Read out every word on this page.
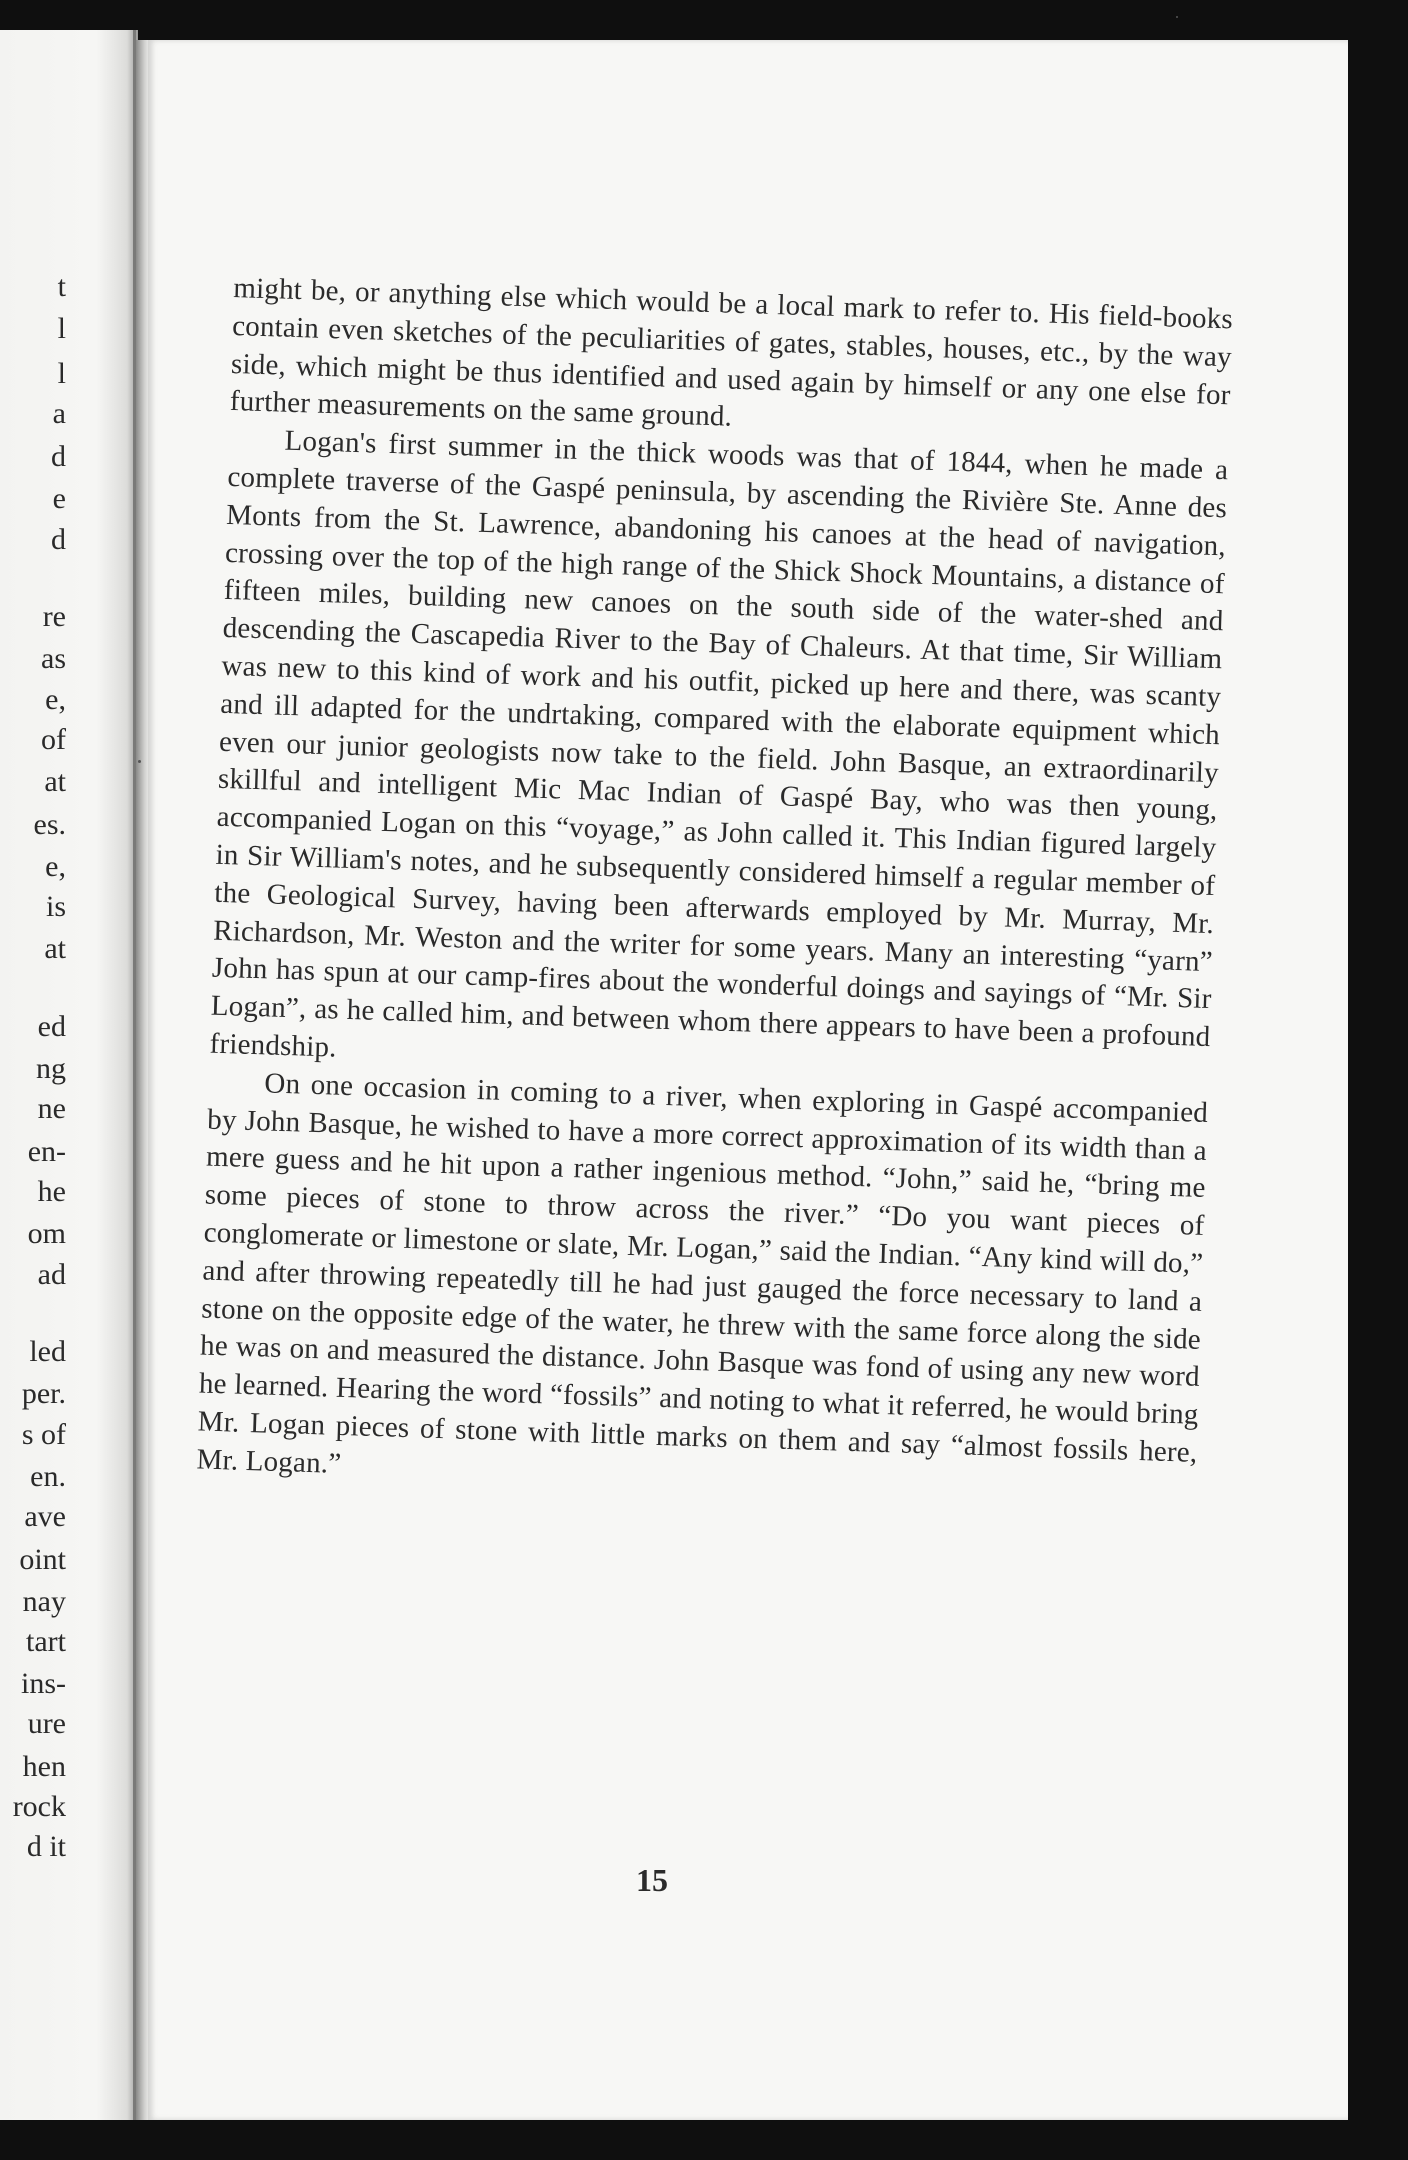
t
l
l
a
d
e
d
re
as
e,
of
at
es.
e,
is
at
ed
ng
ne
en-
he
om
ad
led
per.
s of
en.
ave
oint
nay
tart
ins-
ure
hen
rock
d it

might be, or anything else which would be a local mark to refer to. His field-books contain even sketches of the peculiarities of gates, stables, houses, etc., by the way side, which might be thus identified and used again by himself or any one else for further measurements on the same ground.

Logan's first summer in the thick woods was that of 1844, when he made a complete traverse of the Gaspé peninsula, by ascending the Rivière Ste. Anne des Monts from the St. Lawrence, abandoning his canoes at the head of navigation, crossing over the top of the high range of the Shick Shock Mountains, a distance of fifteen miles, building new canoes on the south side of the water-shed and descending the Cascapedia River to the Bay of Chaleurs. At that time, Sir William was new to this kind of work and his outfit, picked up here and there, was scanty and ill adapted for the undrtaking, compared with the elaborate equipment which even our junior geologists now take to the field. John Basque, an extraordinarily skillful and intelligent Mic Mac Indian of Gaspé Bay, who was then young, accompanied Logan on this “voyage,” as John called it. This Indian figured largely in Sir William's notes, and he subsequently considered himself a regular member of the Geological Survey, having been afterwards employed by Mr. Murray, Mr. Richardson, Mr. Weston and the writer for some years. Many an interesting “yarn” John has spun at our camp-fires about the wonderful doings and sayings of “Mr. Sir Logan”, as he called him, and between whom there appears to have been a profound friendship.

On one occasion in coming to a river, when exploring in Gaspé accompanied by John Basque, he wished to have a more correct approximation of its width than a mere guess and he hit upon a rather ingenious method. “John,” said he, “bring me some pieces of stone to throw across the river.” “Do you want pieces of conglomerate or limestone or slate, Mr. Logan,” said the Indian. “Any kind will do,” and after throwing repeatedly till he had just gauged the force necessary to land a stone on the opposite edge of the water, he threw with the same force along the side he was on and measured the distance. John Basque was fond of using any new word he learned. Hearing the word “fossils” and noting to what it referred, he would bring Mr. Logan pieces of stone with little marks on them and say “almost fossils here, Mr. Logan.”

15
